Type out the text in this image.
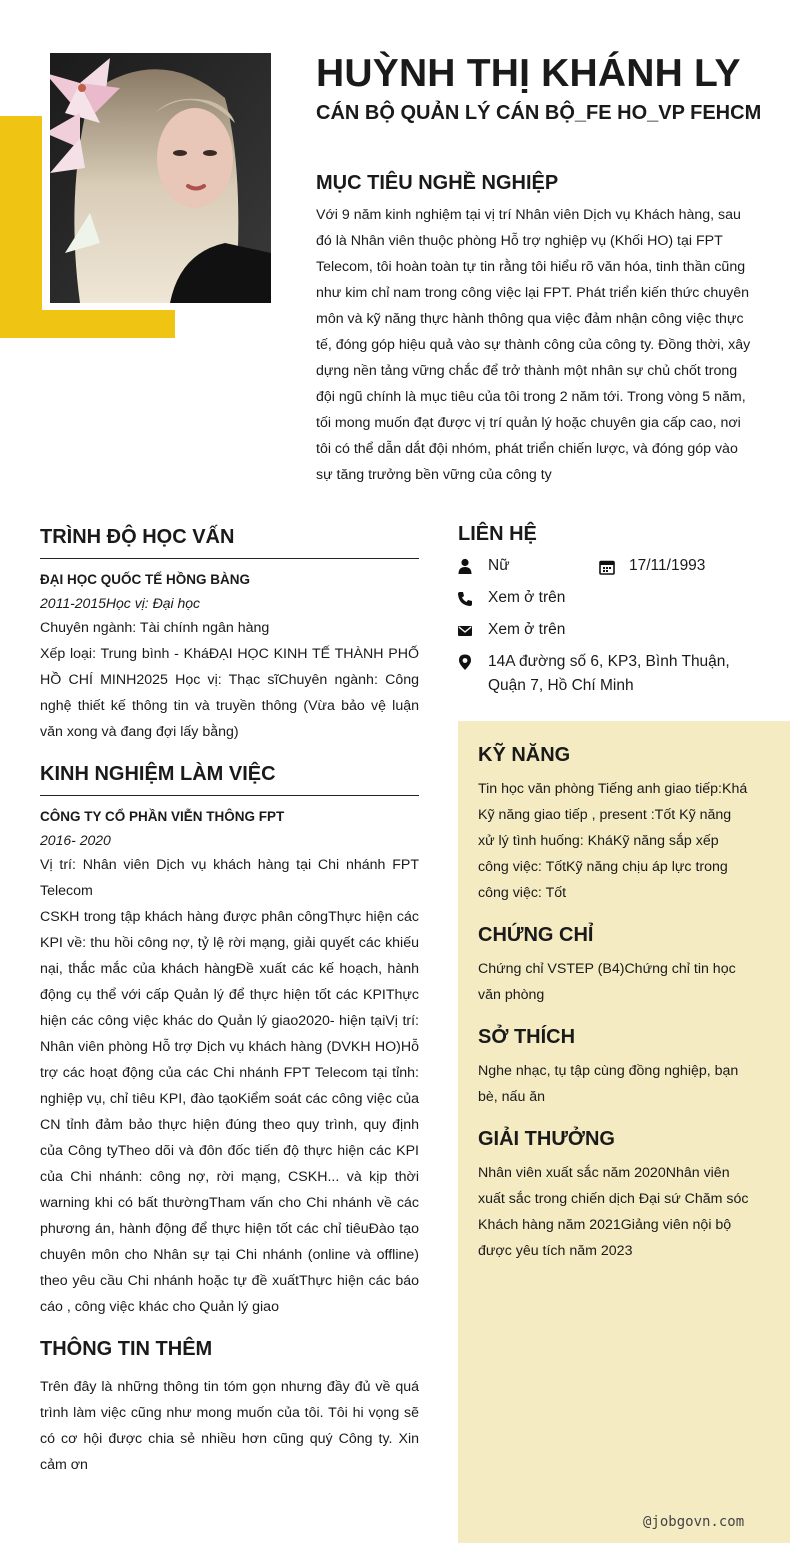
HUỲNH THỊ KHÁNH LY
CÁN BỘ QUẢN LÝ CÁN BỘ_FE HO_VP FEHCM
MỤC TIÊU NGHỀ NGHIỆP

Với 9 năm kinh nghiệm tại vị trí Nhân viên Dịch vụ Khách hàng, sau đó là Nhân viên thuộc phòng Hỗ trợ nghiệp vụ (Khối HO) tại FPT Telecom, tôi hoàn toàn tự tin rằng tôi hiểu rõ văn hóa, tinh thần cũng như kim chỉ nam trong công việc lại FPT. Phát triển kiến thức chuyên môn và kỹ năng thực hành thông qua việc đảm nhận công việc thực tế, đóng góp hiệu quả vào sự thành công của công ty. Đồng thời, xây dựng nền tảng vững chắc để trở thành một nhân sự chủ chốt trong đội ngũ chính là mục tiêu của tôi trong 2 năm tới. Trong vòng 5 năm, tối mong muốn đạt được vị trí quản lý hoặc chuyên gia cấp cao, nơi tôi có thể dẫn dắt đội nhóm, phát triển chiến lược, và đóng góp vào sự tăng trưởng bền vững của công ty

TRÌNH ĐỘ HỌC VẤN

ĐẠI HỌC QUỐC TẾ HỒNG BÀNG

2011-2015Học vị: Đại học

Chuyên ngành: Tài chính ngân hàng

Xếp loại: Trung bình - KháĐẠI HỌC KINH TẾ THÀNH PHỐ HỒ CHÍ MINH2025 Học vị: Thạc sĩChuyên ngành: Công nghệ thiết kế thông tin và truyền thông (Vừa bảo vệ luận văn xong và đang đợi lấy bằng)

KINH NGHIỆM LÀM VIỆC

CÔNG TY CỔ PHẦN VIỄN THÔNG FPT

2016- 2020

Vị trí: Nhân viên Dịch vụ khách hàng tại Chi nhánh FPT Telecom

CSKH trong tập khách hàng được phân côngThực hiện các KPI về: thu hồi công nợ, tỷ lệ rời mạng, giải quyết các khiếu nại, thắc mắc của khách hàngĐề xuất các kế hoạch, hành động cụ thể với cấp Quản lý để thực hiện tốt các KPIThực hiện các công việc khác do Quản lý giao2020- hiện tạiVị trí: Nhân viên phòng Hỗ trợ Dịch vụ khách hàng (DVKH HO)Hỗ trợ các hoạt động của các Chi nhánh FPT Telecom tại tỉnh: nghiệp vụ, chỉ tiêu KPI, đào tạoKiểm soát các công việc của CN tỉnh đảm bảo thực hiện đúng theo quy trình, quy định của Công tyTheo dõi và đôn đốc tiến độ thực hiện các KPI của Chi nhánh: công nợ, rời mạng, CSKH... và kịp thời warning khi có bất thườngTham vấn cho Chi nhánh về các phương án, hành động để thực hiện tốt các chỉ tiêuĐào tạo chuyên môn cho Nhân sự tại Chi nhánh (online và offline) theo yêu cầu Chi nhánh hoặc tự đề xuấtThực hiện các báo cáo , công việc khác cho Quản lý giao

THÔNG TIN THÊM

Trên đây là những thông tin tóm gọn nhưng đầy đủ về quá trình làm việc cũng như mong muốn của tôi. Tôi hi vọng sẽ có cơ hội được chia sẻ nhiều hơn cũng quý Công ty. Xin cảm ơn

LIÊN HỆ
Nữ	17/11/1993
Xem ở trên
Xem ở trên
14A đường số 6, KP3, Bình Thuận, Quận 7, Hồ Chí Minh
KỸ NĂNG

Tin học văn phòng Tiếng anh giao tiếp:Khá Kỹ năng giao tiếp , present :Tốt Kỹ năng xử lý tình huống: KháKỹ năng sắp xếp công việc: TốtKỹ năng chịu áp lực trong công việc: Tốt

CHỨNG CHỈ

Chứng chỉ VSTEP (B4)Chứng chỉ tin học văn phòng

SỞ THÍCH

Nghe nhạc, tụ tập cùng đồng nghiệp, bạn bè, nấu ăn

GIẢI THƯỞNG

Nhân viên xuất sắc năm 2020Nhân viên xuất sắc trong chiến dịch Đại sứ Chăm sóc Khách hàng năm 2021Giảng viên nội bộ được yêu tích năm 2023

@jobgovn.com
